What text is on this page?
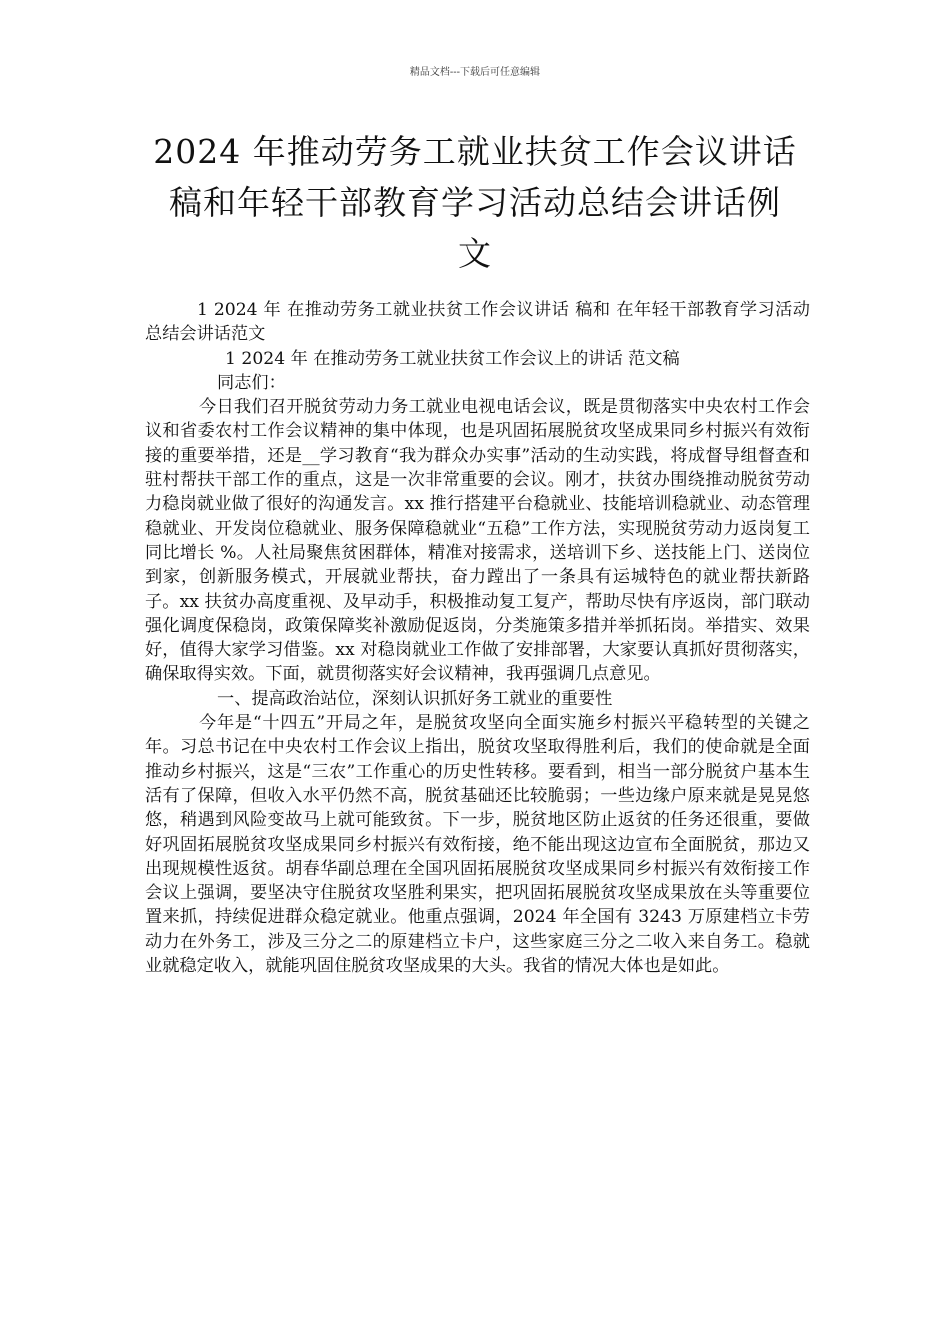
精品文档---下载后可任意编辑
2024 年推动劳务工就业扶贫工作会议讲话
稿和年轻干部教育学习活动总结会讲话例
文

1 2024 年 在推动劳务工就业扶贫工作会议讲话 稿和 在年轻干部教育学习活动总结会讲话范文

1 2024 年 在推动劳务工就业扶贫工作会议上的讲话 范文稿

同志们：

今日我们召开脱贫劳动力务工就业电视电话会议，既是贯彻落实中央农村工作会议和省委农村工作会议精神的集中体现，也是巩固拓展脱贫攻坚成果同乡村振兴有效衔接的重要举措，还是__学习教育“我为群众办实事”活动的生动实践，将成督导组督查和驻村帮扶干部工作的重点，这是一次非常重要的会议。刚才，扶贫办围绕推动脱贫劳动力稳岗就业做了很好的沟通发言。xx 推行搭建平台稳就业、技能培训稳就业、动态管理稳就业、开发岗位稳就业、服务保障稳就业“五稳”工作方法，实现脱贫劳动力返岗复工同比增长 %。人社局聚焦贫困群体，精准对接需求，送培训下乡、送技能上门、送岗位到家，创新服务模式，开展就业帮扶，奋力蹚出了一条具有运城特色的就业帮扶新路子。xx 扶贫办高度重视、及早动手，积极推动复工复产，帮助尽快有序返岗，部门联动强化调度保稳岗，政策保障奖补激励促返岗，分类施策多措并举抓拓岗。举措实、效果好，值得大家学习借鉴。xx 对稳岗就业工作做了安排部署，大家要认真抓好贯彻落实，确保取得实效。下面，就贯彻落实好会议精神，我再强调几点意见。

一、提高政治站位，深刻认识抓好务工就业的重要性

今年是“十四五”开局之年，是脱贫攻坚向全面实施乡村振兴平稳转型的关键之年。习总书记在中央农村工作会议上指出，脱贫攻坚取得胜利后，我们的使命就是全面推动乡村振兴，这是“三农”工作重心的历史性转移。要看到，相当一部分脱贫户基本生活有了保障，但收入水平仍然不高，脱贫基础还比较脆弱；一些边缘户原来就是晃晃悠悠，稍遇到风险变故马上就可能致贫。下一步，脱贫地区防止返贫的任务还很重，要做好巩固拓展脱贫攻坚成果同乡村振兴有效衔接，绝不能出现这边宣布全面脱贫，那边又出现规模性返贫。胡春华副总理在全国巩固拓展脱贫攻坚成果同乡村振兴有效衔接工作会议上强调，要坚决守住脱贫攻坚胜利果实，把巩固拓展脱贫攻坚成果放在头等重要位置来抓，持续促进群众稳定就业。他重点强调，2024 年全国有 3243 万原建档立卡劳动力在外务工，涉及三分之二的原建档立卡户，这些家庭三分之二收入来自务工。稳就业就稳定收入，就能巩固住脱贫攻坚成果的大头。我省的情况大体也是如此。
